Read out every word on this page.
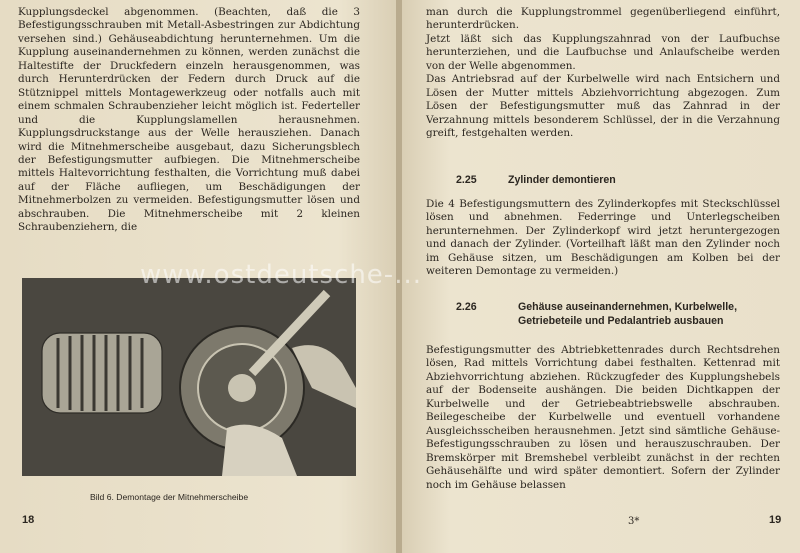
Kupplungsdeckel abgenommen. (Beachten, daß die 3 Befestigungsschrauben mit Metall-Asbestringen zur Abdichtung versehen sind.) Gehäuseabdichtung herunternehmen. Um die Kupplung auseinandernehmen zu können, werden zunächst die Haltestifte der Druckfedern einzeln herausgenommen, was durch Herunterdrücken der Federn durch Druck auf die Stütznippel mittels Montagewerkzeug oder notfalls auch mit einem schmalen Schraubenzieher leicht möglich ist. Federteller und die Kupplungslamellen herausnehmen. Kupplungsdruckstange aus der Welle herausziehen. Danach wird die Mitnehmerscheibe ausgebaut, dazu Sicherungsblech der Befestigungsmutter aufbiegen. Die Mitnehmerscheibe mittels Haltevorrichtung festhalten, die Vorrichtung muß dabei auf der Fläche aufliegen, um Beschädigungen der Mitnehmerbolzen zu vermeiden. Befestigungsmutter lösen und abschrauben. Die Mitnehmerscheibe mit 2 kleinen Schraubenziehern, die

Bild 6. Demontage der Mitnehmerscheibe
18

man durch die Kupplungstrommel gegenüberliegend einführt, herunterdrücken.

Jetzt läßt sich das Kupplungszahnrad von der Laufbuchse herunterziehen, und die Laufbuchse und Anlaufscheibe werden von der Welle abgenommen.

Das Antriebsrad auf der Kurbelwelle wird nach Entsichern und Lösen der Mutter mittels Abziehvorrichtung abgezogen. Zum Lösen der Befestigungsmutter muß das Zahnrad in der Verzahnung mittels besonderem Schlüssel, der in die Verzahnung greift, festgehalten werden.

2.25	Zylinder demontieren

Die 4 Befestigungsmuttern des Zylinderkopfes mit Steckschlüssel lösen und abnehmen. Federringe und Unterlegscheiben herunternehmen. Der Zylinderkopf wird jetzt heruntergezogen und danach der Zylinder. (Vorteilhaft läßt man den Zylinder noch im Gehäuse sitzen, um Beschädigungen am Kolben bei der weiteren Demontage zu vermeiden.)

2.26	Gehäuse auseinandernehmen, Kurbelwelle, Getriebeteile und Pedalantrieb ausbauen

Befestigungsmutter des Abtriebkettenrades durch Rechtsdrehen lösen, Rad mittels Vorrichtung dabei festhalten. Kettenrad mit Abziehvorrichtung abziehen. Rückzugfeder des Kupplungshebels auf der Bodenseite aushängen. Die beiden Dichtkappen der Kurbelwelle und der Getriebeabtriebswelle abschrauben. Beilegescheibe der Kurbelwelle und eventuell vorhandene Ausgleichsscheiben herausnehmen. Jetzt sind sämtliche Gehäuse-Befestigungsschrauben zu lösen und herauszuschrauben. Der Bremskörper mit Bremshebel verbleibt zunächst in der rechten Gehäusehälfte und wird später demontiert. Sofern der Zylinder noch im Gehäuse belassen

3*	19
www.ostdeutsche-...
